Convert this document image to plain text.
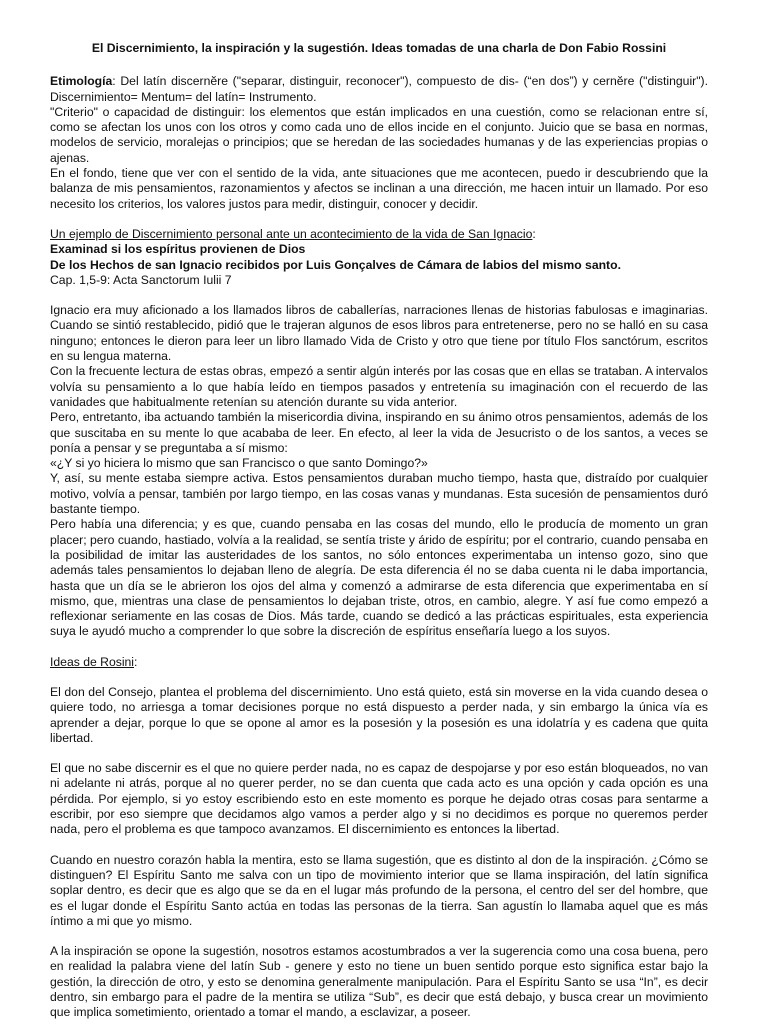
El Discernimiento, la inspiración y la sugestión. Ideas tomadas de una charla de Don Fabio Rossini

Etimología: Del latín discernĕre ("separar, distinguir, reconocer"), compuesto de dis- (“en dos”) y cernĕre ("distinguir"). Discernimiento= Mentum= del latín= Instrumento.

"Criterio" o capacidad de distinguir: los elementos que están implicados en una cuestión, como se relacionan entre sí, como se afectan los unos con los otros y como cada uno de ellos incide en el conjunto. Juicio que se basa en normas, modelos de servicio, moralejas o principios; que se heredan de las sociedades humanas y de las experiencias propias o ajenas.

En el fondo, tiene que ver con el sentido de la vida, ante situaciones que me acontecen, puedo ir descubriendo que la balanza de mis pensamientos, razonamientos y afectos se inclinan a una dirección, me hacen intuir un llamado. Por eso necesito los criterios, los valores justos para medir, distinguir, conocer y decidir.

Un ejemplo de Discernimiento personal ante un acontecimiento de la vida de San Ignacio:

Examinad si los espíritus provienen de Dios

De los Hechos de san Ignacio recibidos por Luis Gonçalves de Cámara de labios del mismo santo.

Cap. 1,5-9: Acta Sanctorum Iulii 7

Ignacio era muy aficionado a los llamados libros de caballerías, narraciones llenas de historias fabulosas e imaginarias. Cuando se sintió restablecido, pidió que le trajeran algunos de esos libros para entretenerse, pero no se halló en su casa ninguno; entonces le dieron para leer un libro llamado Vida de Cristo y otro que tiene por título Flos sanctórum, escritos en su lengua materna.

Con la frecuente lectura de estas obras, empezó a sentir algún interés por las cosas que en ellas se trataban. A intervalos volvía su pensamiento a lo que había leído en tiempos pasados y entretenía su imaginación con el recuerdo de las vanidades que habitualmente retenían su atención durante su vida anterior.

Pero, entretanto, iba actuando también la misericordia divina, inspirando en su ánimo otros pensamientos, además de los que suscitaba en su mente lo que acababa de leer. En efecto, al leer la vida de Jesucristo o de los santos, a veces se ponía a pensar y se preguntaba a sí mismo:

«¿Y si yo hiciera lo mismo que san Francisco o que santo Domingo?»

Y, así, su mente estaba siempre activa. Estos pensamientos duraban mucho tiempo, hasta que, distraído por cualquier motivo, volvía a pensar, también por largo tiempo, en las cosas vanas y mundanas. Esta sucesión de pensamientos duró bastante tiempo.

Pero había una diferencia; y es que, cuando pensaba en las cosas del mundo, ello le producía de momento un gran placer; pero cuando, hastiado, volvía a la realidad, se sentía triste y árido de espíritu; por el contrario, cuando pensaba en la posibilidad de imitar las austeridades de los santos, no sólo entonces experimentaba un intenso gozo, sino que además tales pensamientos lo dejaban lleno de alegría. De esta diferencia él no se daba cuenta ni le daba importancia, hasta que un día se le abrieron los ojos del alma y comenzó a admirarse de esta diferencia que experimentaba en sí mismo, que, mientras una clase de pensamientos lo dejaban triste, otros, en cambio, alegre. Y así fue como empezó a reflexionar seriamente en las cosas de Dios. Más tarde, cuando se dedicó a las prácticas espirituales, esta experiencia suya le ayudó mucho a comprender lo que sobre la discreción de espíritus enseñaría luego a los suyos.

Ideas de Rosini:

El don del Consejo, plantea el problema del discernimiento. Uno está quieto, está sin moverse en la vida cuando desea o quiere todo, no arriesga a tomar decisiones porque no está dispuesto a perder nada, y sin embargo la única vía es aprender a dejar, porque lo que se opone al amor es la posesión y la posesión es una idolatría y es cadena que quita libertad.

El que no sabe discernir es el que no quiere perder nada, no es capaz de despojarse y por eso están bloqueados, no van ni adelante ni atrás, porque al no querer perder, no se dan cuenta que cada acto es una opción y cada opción es una pérdida. Por ejemplo, si yo estoy escribiendo esto en este momento es porque he dejado otras cosas para sentarme a escribir, por eso siempre que decidamos algo vamos a perder algo y si no decidimos es porque no queremos perder nada, pero el problema es que tampoco avanzamos. El discernimiento es entonces la libertad.

Cuando en nuestro corazón habla la mentira, esto se llama sugestión, que es distinto al don de la inspiración. ¿Cómo se distinguen? El Espíritu Santo me salva con un tipo de movimiento interior que se llama inspiración, del latín significa soplar dentro, es decir que es algo que se da en el lugar más profundo de la persona, el centro del ser del hombre, que es el lugar donde el Espíritu Santo actúa en todas las personas de la tierra. San agustín lo llamaba aquel que es más íntimo a mi que yo mismo.

A la inspiración se opone la sugestión, nosotros estamos acostumbrados a ver la sugerencia como una cosa buena, pero en realidad la palabra viene del latín Sub - genere y esto no tiene un buen sentido porque esto significa estar bajo la gestión, la dirección de otro, y esto se denomina generalmente manipulación. Para el Espíritu Santo se usa “In”, es decir dentro, sin embargo para el padre de la mentira se utiliza “Sub”, es decir que está debajo, y busca crear un movimiento que implica sometimiento, orientado a tomar el mando, a esclavizar, a poseer.
